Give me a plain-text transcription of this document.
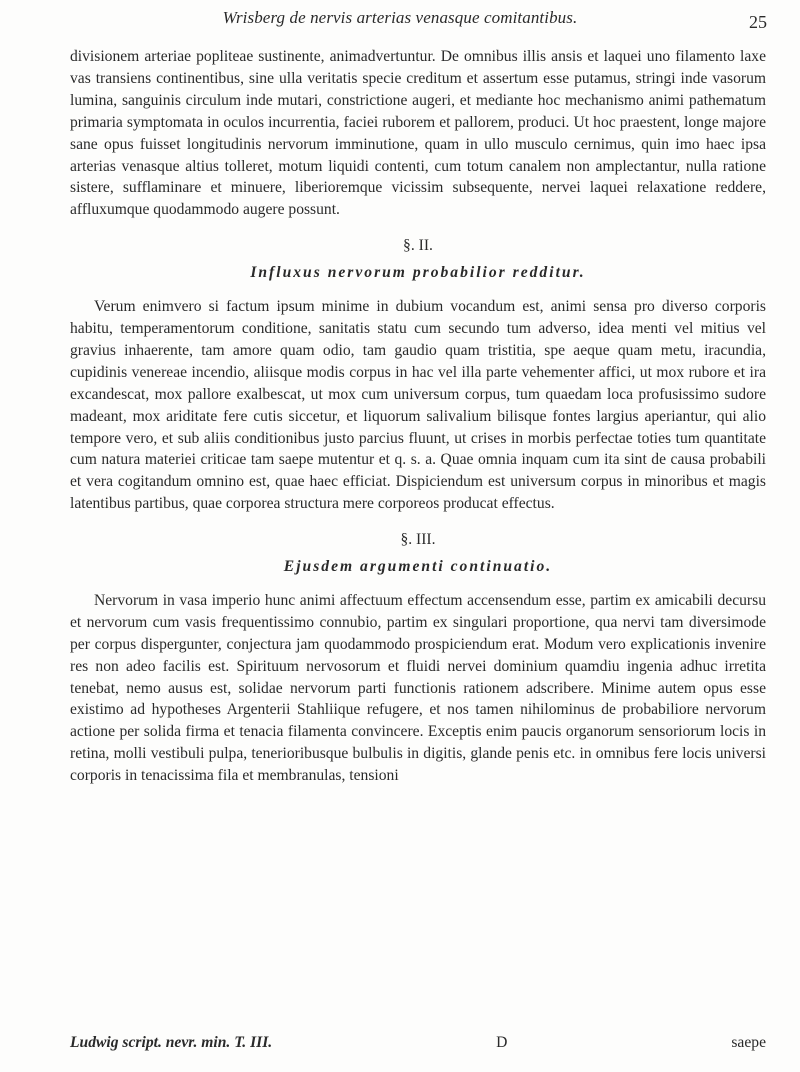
Wrisberg de nervis arterias venasque comitantibus.	25

divisionem arteriae popliteae sustinente, animadvertuntur. De omnibus illis ansis et laquei uno filamento laxe vas transiens continentibus, sine ulla veritatis specie creditum et assertum esse putamus, stringi inde vasorum lumina, sanguinis circulum inde mutari, constrictione augeri, et mediante hoc mechanismo animi pathematum primaria symptomata in oculos incurrentia, faciei ruborem et pallorem, produci. Ut hoc praestent, longe majore sane opus fuisset longitudinis nervorum imminutione, quam in ullo musculo cernimus, quin imo haec ipsa arterias venasque altius tolleret, motum liquidi contenti, cum totum canalem non amplectantur, nulla ratione sistere, sufflaminare et minuere, liberioremque vicissim subsequente, nervei laquei relaxatione reddere, affluxumque quodammodo augere possunt.

§. II.
Influxus nervorum probabilior redditur.

Verum enimvero si factum ipsum minime in dubium vocandum est, animi sensa pro diverso corporis habitu, temperamentorum conditione, sanitatis statu cum secundo tum adverso, idea menti vel mitius vel gravius inhaerente, tam amore quam odio, tam gaudio quam tristitia, spe aeque quam metu, iracundia, cupidinis venereae incendio, aliisque modis corpus in hac vel illa parte vehementer affici, ut mox rubore et ira excandescat, mox pallore exalbescat, ut mox cum universum corpus, tum quaedam loca profusissimo sudore madeant, mox ariditate fere cutis siccetur, et liquorum salivalium bilisque fontes largius aperiantur, qui alio tempore vero, et sub aliis conditionibus justo parcius fluunt, ut crises in morbis perfectae toties tum quantitate cum natura materiei criticae tam saepe mutentur et q. s. a. Quae omnia inquam cum ita sint de causa probabili et vera cogitandum omnino est, quae haec efficiat. Dispiciendum est universum corpus in minoribus et magis latentibus partibus, quae corporea structura mere corporeos producat effectus.

§. III.
Ejusdem argumenti continuatio.

Nervorum in vasa imperio hunc animi affectuum effectum accensendum esse, partim ex amicabili decursu et nervorum cum vasis frequentissimo connubio, partim ex singulari proportione, qua nervi tam diversimode per corpus dispergunter, conjectura jam quodammodo prospiciendum erat. Modum vero explicationis invenire res non adeo facilis est. Spirituum nervosorum et fluidi nervei dominium quamdiu ingenia adhuc irretita tenebat, nemo ausus est, solidae nervorum parti functionis rationem adscribere. Minime autem opus esse existimo ad hypotheses Argenterii Stahliique refugere, et nos tamen nihilominus de probabiliore nervorum actione per solida firma et tenacia filamenta convincere. Exceptis enim paucis organorum sensoriorum locis in retina, molli vestibuli pulpa, tenerioribusque bulbulis in digitis, glande penis etc. in omnibus fere locis universi corporis in tenacissima fila et membranulas, tensioni

Ludwig script. nevr. min. T. III.	D	saepe
